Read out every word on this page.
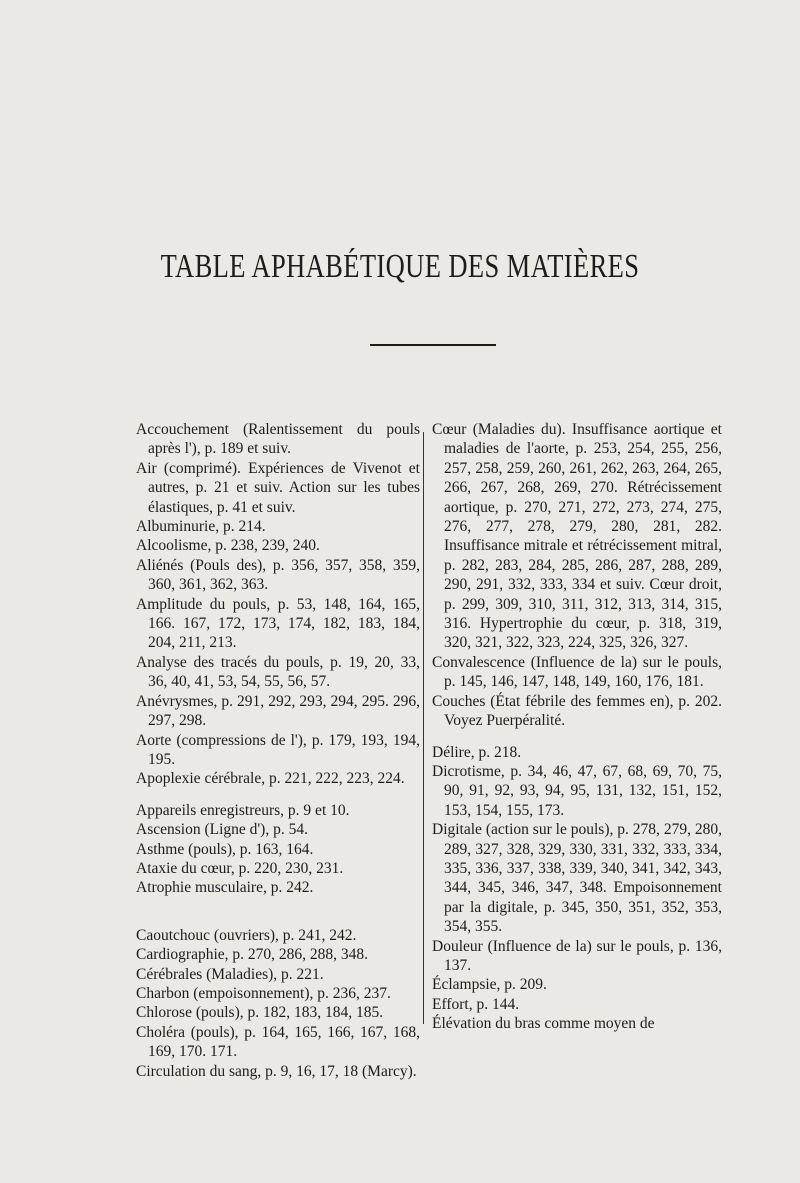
TABLE APHABÉTIQUE DES MATIÈRES

Accouchement (Ralentissement du pouls après l'), p. 189 et suiv.

Air (comprimé). Expériences de Vivenot et autres, p. 21 et suiv. Action sur les tubes élastiques, p. 41 et suiv.

Albuminurie, p. 214.

Alcoolisme, p. 238, 239, 240.

Aliénés (Pouls des), p. 356, 357, 358, 359, 360, 361, 362, 363.

Amplitude du pouls, p. 53, 148, 164, 165, 166. 167, 172, 173, 174, 182, 183, 184, 204, 211, 213.

Analyse des tracés du pouls, p. 19, 20, 33, 36, 40, 41, 53, 54, 55, 56, 57.

Anévrysmes, p. 291, 292, 293, 294, 295. 296, 297, 298.

Aorte (compressions de l'), p. 179, 193, 194, 195.

Apoplexie cérébrale, p. 221, 222, 223, 224.

Appareils enregistreurs, p. 9 et 10.

Ascension (Ligne d'), p. 54.

Asthme (pouls), p. 163, 164.

Ataxie du cœur, p. 220, 230, 231.

Atrophie musculaire, p. 242.

Caoutchouc (ouvriers), p. 241, 242.

Cardiographie, p. 270, 286, 288, 348.

Cérébrales (Maladies), p. 221.

Charbon (empoisonnement), p. 236, 237.

Chlorose (pouls), p. 182, 183, 184, 185.

Choléra (pouls), p. 164, 165, 166, 167, 168, 169, 170. 171.

Circulation du sang, p. 9, 16, 17, 18 (Marcy).

Cœur (Maladies du). Insuffisance aortique et maladies de l'aorte, p. 253, 254, 255, 256, 257, 258, 259, 260, 261, 262, 263, 264, 265, 266, 267, 268, 269, 270. Rétrécissement aortique, p. 270, 271, 272, 273, 274, 275, 276, 277, 278, 279, 280, 281, 282. Insuffisance mitrale et rétrécissement mitral, p. 282, 283, 284, 285, 286, 287, 288, 289, 290, 291, 332, 333, 334 et suiv. Cœur droit, p. 299, 309, 310, 311, 312, 313, 314, 315, 316. Hypertrophie du cœur, p. 318, 319, 320, 321, 322, 323, 224, 325, 326, 327.

Convalescence (Influence de la) sur le pouls, p. 145, 146, 147, 148, 149, 160, 176, 181.

Couches (État fébrile des femmes en), p. 202. Voyez Puerpéralité.

Délire, p. 218.

Dicrotisme, p. 34, 46, 47, 67, 68, 69, 70, 75, 90, 91, 92, 93, 94, 95, 131, 132, 151, 152, 153, 154, 155, 173.

Digitale (action sur le pouls), p. 278, 279, 280, 289, 327, 328, 329, 330, 331, 332, 333, 334, 335, 336, 337, 338, 339, 340, 341, 342, 343, 344, 345, 346, 347, 348. Empoisonnement par la digitale, p. 345, 350, 351, 352, 353, 354, 355.

Douleur (Influence de la) sur le pouls, p. 136, 137.

Éclampsie, p. 209.

Effort, p. 144.

Élévation du bras comme moyen de
